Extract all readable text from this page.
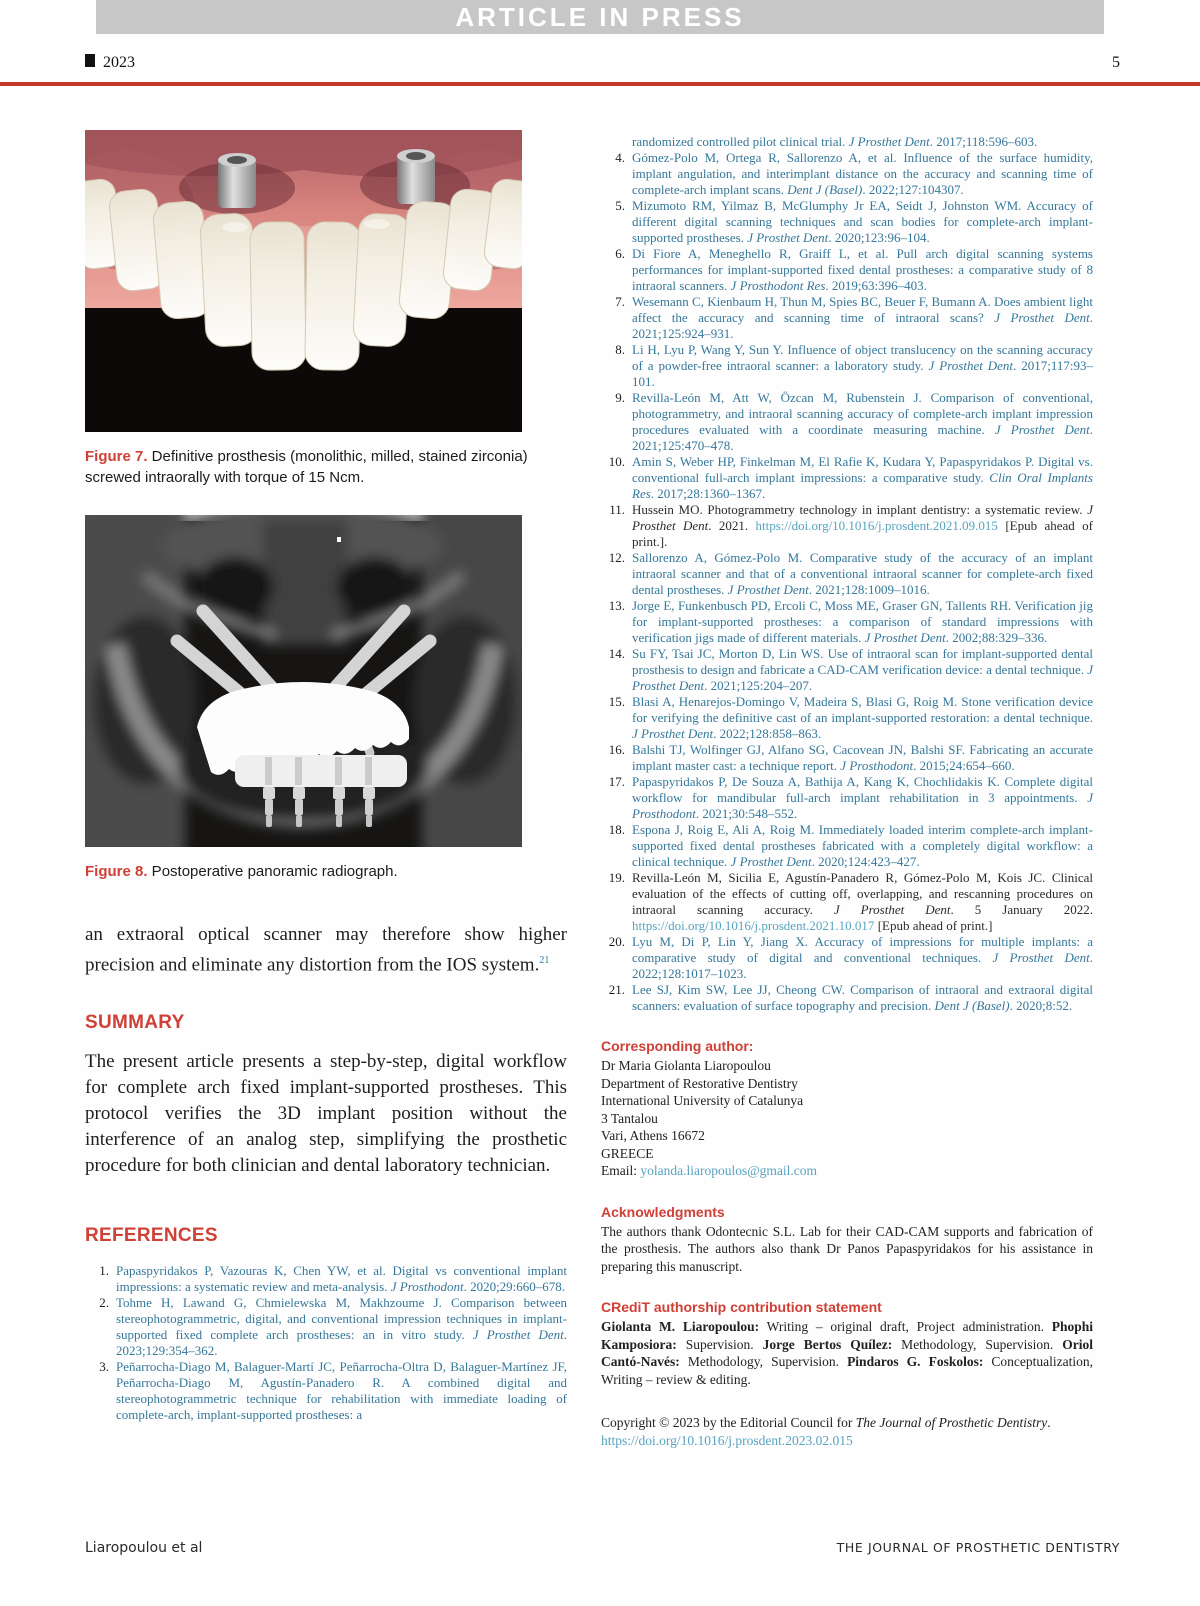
ARTICLE IN PRESS
2023	5
Figure 7. Definitive prosthesis (monolithic, milled, stained zirconia) screwed intraorally with torque of 15 Ncm.
Figure 8. Postoperative panoramic radiograph.

an extraoral optical scanner may therefore show higher precision and eliminate any distortion from the IOS system.$^{21}$

SUMMARY

The present article presents a step-by-step, digital workflow for complete arch fixed implant-supported prostheses. This protocol verifies the 3D implant position without the interference of an analog step, simplifying the prosthetic procedure for both clinician and dental laboratory technician.

REFERENCES
1. Papaspyridakos P, Vazouras K, Chen YW, et al. Digital vs conventional implant impressions: a systematic review and meta-analysis. J Prosthodont. 2020;29:660–678.
2. Tohme H, Lawand G, Chmielewska M, Makhzoume J. Comparison between stereophotogrammetric, digital, and conventional impression techniques in implant-supported fixed complete arch prostheses: an in vitro study. J Prosthet Dent. 2023;129:354–362.
3. Peñarrocha-Diago M, Balaguer-Martí JC, Peñarrocha-Oltra D, Balaguer-Martínez JF, Peñarrocha-Diago M, Agustín-Panadero R. A combined digital and stereophotogrammetric technique for rehabilitation with immediate loading of complete-arch, implant-supported prostheses: a
randomized controlled pilot clinical trial. J Prosthet Dent. 2017;118:596–603.
4. Gómez-Polo M, Ortega R, Sallorenzo A, et al. Influence of the surface humidity, implant angulation, and interimplant distance on the accuracy and scanning time of complete-arch implant scans. Dent J (Basel). 2022;127:104307.
5. Mizumoto RM, Yilmaz B, McGlumphy Jr EA, Seidt J, Johnston WM. Accuracy of different digital scanning techniques and scan bodies for complete-arch implant-supported prostheses. J Prosthet Dent. 2020;123:96–104.
6. Di Fiore A, Meneghello R, Graiff L, et al. Pull arch digital scanning systems performances for implant-supported fixed dental prostheses: a comparative study of 8 intraoral scanners. J Prosthodont Res. 2019;63:396–403.
7. Wesemann C, Kienbaum H, Thun M, Spies BC, Beuer F, Bumann A. Does ambient light affect the accuracy and scanning time of intraoral scans? J Prosthet Dent. 2021;125:924–931.
8. Li H, Lyu P, Wang Y, Sun Y. Influence of object translucency on the scanning accuracy of a powder-free intraoral scanner: a laboratory study. J Prosthet Dent. 2017;117:93–101.
9. Revilla-León M, Att W, Özcan M, Rubenstein J. Comparison of conventional, photogrammetry, and intraoral scanning accuracy of complete-arch implant impression procedures evaluated with a coordinate measuring machine. J Prosthet Dent. 2021;125:470–478.
10. Amin S, Weber HP, Finkelman M, El Rafie K, Kudara Y, Papaspyridakos P. Digital vs. conventional full-arch implant impressions: a comparative study. Clin Oral Implants Res. 2017;28:1360–1367.
11. Hussein MO. Photogrammetry technology in implant dentistry: a systematic review. J Prosthet Dent. 2021. https://doi.org/10.1016/j.prosdent.2021.09.015 [Epub ahead of print.].
12. Sallorenzo A, Gómez-Polo M. Comparative study of the accuracy of an implant intraoral scanner and that of a conventional intraoral scanner for complete-arch fixed dental prostheses. J Prosthet Dent. 2021;128:1009–1016.
13. Jorge E, Funkenbusch PD, Ercoli C, Moss ME, Graser GN, Tallents RH. Verification jig for implant-supported prostheses: a comparison of standard impressions with verification jigs made of different materials. J Prosthet Dent. 2002;88:329–336.
14. Su FY, Tsai JC, Morton D, Lin WS. Use of intraoral scan for implant-supported dental prosthesis to design and fabricate a CAD-CAM verification device: a dental technique. J Prosthet Dent. 2021;125:204–207.
15. Blasi A, Henarejos-Domingo V, Madeira S, Blasi G, Roig M. Stone verification device for verifying the definitive cast of an implant-supported restoration: a dental technique. J Prosthet Dent. 2022;128:858–863.
16. Balshi TJ, Wolfinger GJ, Alfano SG, Cacovean JN, Balshi SF. Fabricating an accurate implant master cast: a technique report. J Prosthodont. 2015;24:654–660.
17. Papaspyridakos P, De Souza A, Bathija A, Kang K, Chochlidakis K. Complete digital workflow for mandibular full-arch implant rehabilitation in 3 appointments. J Prosthodont. 2021;30:548–552.
18. Espona J, Roig E, Ali A, Roig M. Immediately loaded interim complete-arch implant-supported fixed dental prostheses fabricated with a completely digital workflow: a clinical technique. J Prosthet Dent. 2020;124:423–427.
19. Revilla-León M, Sicilia E, Agustín-Panadero R, Gómez-Polo M, Kois JC. Clinical evaluation of the effects of cutting off, overlapping, and rescanning procedures on intraoral scanning accuracy. J Prosthet Dent. 5 January 2022. https://doi.org/10.1016/j.prosdent.2021.10.017 [Epub ahead of print.]
20. Lyu M, Di P, Lin Y, Jiang X. Accuracy of impressions for multiple implants: a comparative study of digital and conventional techniques. J Prosthet Dent. 2022;128:1017–1023.
21. Lee SJ, Kim SW, Lee JJ, Cheong CW. Comparison of intraoral and extraoral digital scanners: evaluation of surface topography and precision. Dent J (Basel). 2020;8:52.
Corresponding author:
Dr Maria Giolanta Liaropoulou
Department of Restorative Dentistry
International University of Catalunya
3 Tantalou
Vari, Athens 16672
GREECE
Email: yolanda.liaropoulos@gmail.com
Acknowledgments

The authors thank Odontecnic S.L. Lab for their CAD-CAM supports and fabrication of the prosthesis. The authors also thank Dr Panos Papaspyridakos for his assistance in preparing this manuscript.

CRediT authorship contribution statement

Giolanta M. Liaropoulou: Writing – original draft, Project administration. Phophi Kamposiora: Supervision. Jorge Bertos Quílez: Methodology, Supervision. Oriol Cantó-Navés: Methodology, Supervision. Pindaros G. Foskolos: Conceptualization, Writing – review & editing.

Copyright © 2023 by the Editorial Council for The Journal of Prosthetic Dentistry.

https://doi.org/10.1016/j.prosdent.2023.02.015
Liaropoulou et al	THE JOURNAL OF PROSTHETIC DENTISTRY
